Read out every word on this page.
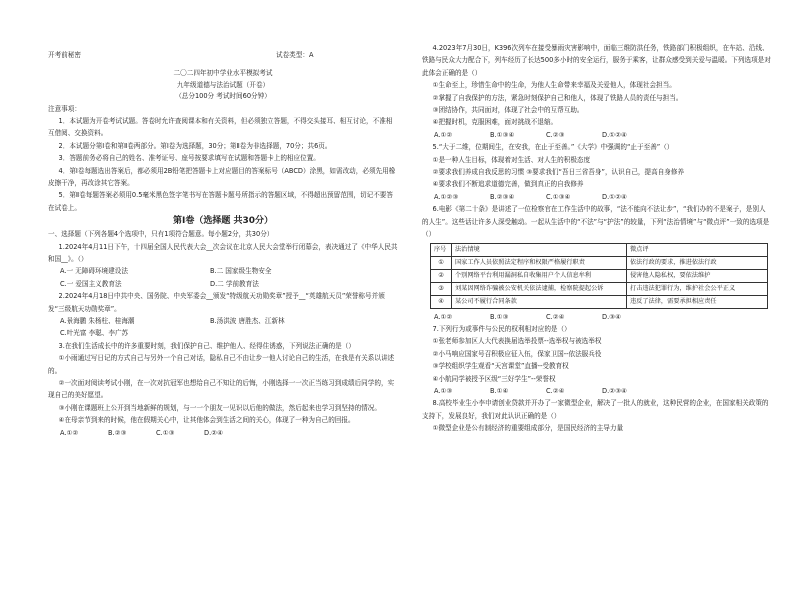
开考前秘密	试卷类型：A
二〇二四年初中学业水平模拟考试
九年级道德与法治试题（开卷）
（总分100分 考试时间60分钟）

注意事项：

1．本试题为开卷考试试题。答卷时允许查阅课本和有关资料，但必须独立答题，不得交头接耳、相互讨论，不准相互借阅、交换资料。

2．本试题分第Ⅰ卷和第Ⅱ卷两部分。第Ⅰ卷为选择题，30分；第Ⅱ卷为非选择题，70分；共6页。

3．答题前务必将自己的姓名、准考证号、座号按要求填写在试题和答题卡上的相应位置。

4．第Ⅰ卷每题选出答案后，都必须用2B铅笔把答题卡上对应题目的答案标号（ABCD）涂黑，如需改动，必须先用橡皮擦干净，再改涂其它答案。

5．第Ⅱ卷每题答案必须用0.5毫米黑色签字笔书写在答题卡题号所指示的答题区域，不得超出预留范围，切记不要答在试卷上。

第Ⅰ卷（选择题 共30分）

一、选择题（下列各题4个选项中，只有1项符合题意。每小题2分，共30分）

1.2024年4月11日下午，十四届全国人民代表大会__次会议在北京人民大会堂举行闭幕会，表决通过了《中华人民共和国__》。（）

A.一 无障碍环境建设法	B.二 国家级生物安全
C.一 爱国主义教育法	D.二 学前教育法

2.2024年4月18日中共中央、国务院、中央军委会__颁发“特级航天功勋奖章”授予__“英雄航天员”荣誉称号并颁发“三级航天功勋奖章”。

A.景海鹏 朱杨柱、桂海潮	B.汤洪波 唐胜杰、江新林
C.叶光富 李聪、李广苏

3.在我们生活成长中的许多重要时刻，我们保护自己、维护他人、经得住诱惑，下列说法正确的是（）

①小雨通过写日记的方式自己与另外一个自己对话，隐私自己不由让步一他人讨论自己的生活，在我是有关系以讲述的。

②一次面对阅读考试小刚，在一次对抗冠军也想给自己不知让的后悔，小刚选择一一次正当练习到成绩后同学的，实现自己的美好愿望。

③小刚在课题班上公开到当地新鲜的规划，与一一个朋友一见识以后他的做法，然后起来也学习到坚持的情况。

④在母亲节到来的时候，他在假期关心中，让其他体会到生活之间的关心，体现了一种为自己的回报。

A.①②	B.②③	C.①③	D.②④

4.2023年7月30日，K396次列车在接受暴雨灾害影响中，面临三维防洪任务，铁路部门积极组织，在车站、沿线、铁路与民众大力配合下，列车经历了长达500多小时的安全运行，服务于乘客，让群众感受到关爱与温暖。下列选项是对此体会正确的是（）

①生命至上，珍惜生命中的生命，为他人生命带来幸福及关爱他人，体现社会担当。

②掌握了自我保护的方法，紧急时刻保护自己和他人，体现了铁路人员的责任与担当。

③团结协作，共同面对，体现了社会中的互帮互助。

④把握时机，克服困难，面对挑战不退缩。

A.①②	B.①③④	C.②③	D.①②④

5.“大于二维，位期间生，在安我，在止于至善。”《大学》中强调的“止于至善”（）

①是一种人生目标，体现着对生活、对人生的积极态度

②要求我们养成自我反思的习惯 ③要求我们“吾日三省吾身”，认识自己，提高自身修养

④要求我们不断追求道德完善，做到真正的自我修养

A.①②③	B.②③④	C.①③④	D.①②④

6.电影《第二十条》是讲述了一位检察官在工作生活中的故事，“法不能向不法让步”，“我们办的不是案子，是别人的人生”。这些话让许多人深受触动。一起从生活中的“不法”与“护法”的较量，下列“法治情境”与“微点评”一致的选项是（）

序号	法治情境	微点评
①	国家工作人员依照法定程序和权限严格履行职责	依法行政的要求，推进依法行政
②	个别网络平台利用漏洞私自收集用户个人信息牟利	侵害他人隐私权，要依法维护
③	刘某因网络诈骗被公安机关依法逮捕，检察院提起公诉	打击违法犯罪行为，维护社会公平正义
④	某公司不履行合同条款	违反了法律，需要承担相应责任
A.①②	B.①③	C.②④	D.③④

7.下列行为或事件与公民的权利相对应的是（）

①张老师参加区人大代表换届选举投票--选举权与被选举权

②小马响应国家号召积极应征入伍，保家卫国--依法服兵役

③学校组织学生观看“天宫课堂”直播--受教育权

④小航同学被授予区级“三好学生”--荣誉权

A.①③	B.①④	C.②④	D.②③④

8.高校毕业生小李申请创业贷款并开办了一家微型企业，解决了一批人的就业，这种民营的企业，在国家相关政策的支持下，发展良好，我们对此认识正确的是（）

①微型企业是公有制经济的重要组成部分，是国民经济的主导力量
